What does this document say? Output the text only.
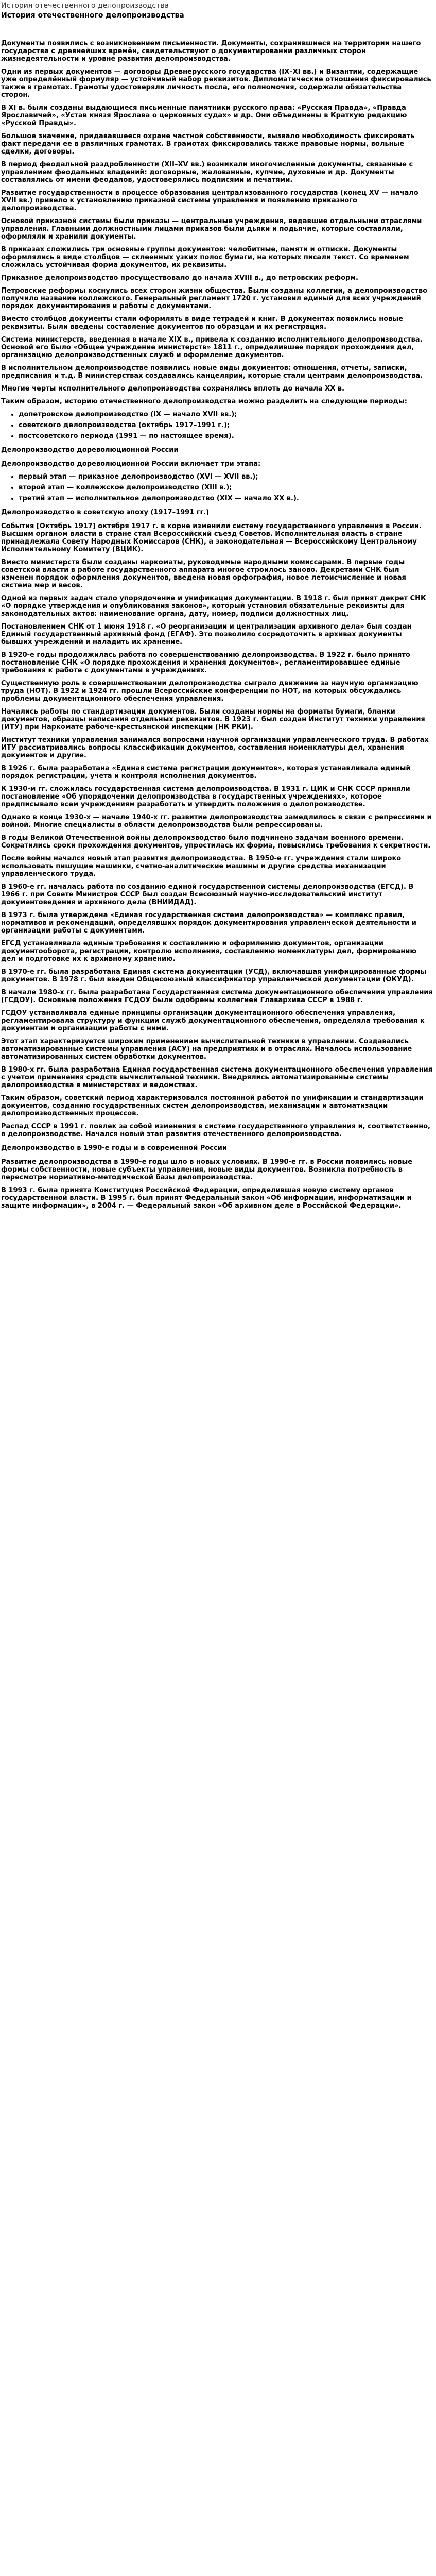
История отечественного делопроизводства
История отечественного делопроизводства

Документы появились с возникновением письменности. Документы, сохранившиеся на территории нашего государства с древнейших времён, свидетельствуют о документировании различных сторон жизнедеятельности и уровне развития делопроизводства.

Одни из первых документов — договоры Древнерусского государства (IX–XI вв.) и Византии, содержащие уже определённый формуляр — устойчивый набор реквизитов. Дипломатические отношения фиксировались также в грамотах. Грамоты удостоверяли личность посла, его полномочия, содержали обязательства сторон.

В XI в. были созданы выдающиеся письменные памятники русского права: «Русская Правда», «Правда Ярославичей», «Устав князя Ярослава о церковных судах» и др. Они объединены в Краткую редакцию «Русской Правды».

Большое значение, придававшееся охране частной собственности, вызвало необходимость фиксировать факт передачи ее в различных грамотах. В грамотах фиксировались также правовые нормы, вольные сделки, договоры.

В период феодальной раздробленности (XII–XV вв.) возникали многочисленные документы, связанные с управлением феодальных владений: договорные, жалованные, купчие, духовные и др. Документы составлялись от имени феодалов, удостоверялись подписями и печатями.

Развитие государственности в процессе образования централизованного государства (конец XV — начало XVII вв.) привело к установлению приказной системы управления и появлению приказного делопроизводства.

Основой приказной системы были приказы — центральные учреждения, ведавшие отдельными отраслями управления. Главными должностными лицами приказов были дьяки и подьячие, которые составляли, оформляли и хранили документы.

В приказах сложились три основные группы документов: челобитные, памяти и отписки. Документы оформлялись в виде столбцов — склеенных узких полос бумаги, на которых писали текст. Со временем сложилась устойчивая форма документов, их реквизиты.

Приказное делопроизводство просуществовало до начала XVIII в., до петровских реформ.

Петровские реформы коснулись всех сторон жизни общества. Были созданы коллегии, а делопроизводство получило название коллежского. Генеральный регламент 1720 г. установил единый для всех учреждений порядок документирования и работы с документами.

Вместо столбцов документы стали оформлять в виде тетрадей и книг. В документах появились новые реквизиты. Были введены составление документов по образцам и их регистрация.

Система министерств, введенная в начале XIX в., привела к созданию исполнительного делопроизводства. Основой его было «Общее учреждение министерств» 1811 г., определившее порядок прохождения дел, организацию делопроизводственных служб и оформление документов.

В исполнительном делопроизводстве появились новые виды документов: отношения, отчеты, записки, предписания и т.д. В министерствах создавались канцелярии, которые стали центрами делопроизводства.

Многие черты исполнительного делопроизводства сохранялись вплоть до начала XX в.

Таким образом, историю отечественного делопроизводства можно разделить на следующие периоды:

• допетровское делопроизводство (IX — начало XVII вв.);
• советского делопроизводства (октябрь 1917–1991 г.);
• постсоветского периода (1991 — по настоящее время).
Делопроизводство дореволюционной России

Делопроизводство дореволюционной России включает три этапа:

• первый этап — приказное делопроизводство (XVI — XVII вв.);
• второй этап — коллежское делопроизводство (XIII в.);
• третий этап — исполнительное делопроизводство (XIX — начало XX в.).
Делопроизводство в советскую эпоху (1917–1991 гг.)

События [Октябрь 1917] октября 1917 г. в корне изменили систему государственного управления в России. Высшим органом власти в стране стал Всероссийский съезд Советов. Исполнительная власть в стране принадлежала Совету Народных Комиссаров (СНК), а законодательная — Всероссийскому Центральному Исполнительному Комитету (ВЦИК).

Вместо министерств были созданы наркоматы, руководимые народными комиссарами. В первые годы советской власти в работе государственного аппарата многое строилось заново. Декретами СНК был изменен порядок оформления документов, введена новая орфография, новое летоисчисление и новая система мер и весов.

Одной из первых задач стало упорядочение и унификация документации. В 1918 г. был принят декрет СНК «О порядке утверждения и опубликования законов», который установил обязательные реквизиты для законодательных актов: наименование органа, дату, номер, подписи должностных лиц.

Постановлением СНК от 1 июня 1918 г. «О реорганизации и централизации архивного дела» был создан Единый государственный архивный фонд (ЕГАФ). Это позволило сосредоточить в архивах документы бывших учреждений и наладить их хранение.

В 1920-е годы продолжилась работа по совершенствованию делопроизводства. В 1922 г. было принято постановление СНК «О порядке прохождения и хранения документов», регламентировавшее единые требования к работе с документами в учреждениях.

Существенную роль в совершенствовании делопроизводства сыграло движение за научную организацию труда (НОТ). В 1922 и 1924 гг. прошли Всероссийские конференции по НОТ, на которых обсуждались проблемы документационного обеспечения управления.

Начались работы по стандартизации документов. Были созданы нормы на форматы бумаги, бланки документов, образцы написания отдельных реквизитов. В 1923 г. был создан Институт техники управления (ИТУ) при Наркомате рабоче-крестьянской инспекции (НК РКИ).

Институт техники управления занимался вопросами научной организации управленческого труда. В работах ИТУ рассматривались вопросы классификации документов, составления номенклатуры дел, хранения документов и другие.

В 1926 г. была разработана «Единая система регистрации документов», которая устанавливала единый порядок регистрации, учета и контроля исполнения документов.

К 1930-м гг. сложилась государственная система делопроизводства. В 1931 г. ЦИК и СНК СССР приняли постановление «Об упорядочении делопроизводства в государственных учреждениях», которое предписывало всем учреждениям разработать и утвердить положения о делопроизводстве.

Однако в конце 1930-х — начале 1940-х гг. развитие делопроизводства замедлилось в связи с репрессиями и войной. Многие специалисты в области делопроизводства были репрессированы.

В годы Великой Отечественной войны делопроизводство было подчинено задачам военного времени. Сократились сроки прохождения документов, упростилась их форма, повысились требования к секретности.

После войны начался новый этап развития делопроизводства. В 1950-е гг. учреждения стали широко использовать пишущие машинки, счетно-аналитические машины и другие средства механизации управленческого труда.

В 1960-е гг. началась работа по созданию единой государственной системы делопроизводства (ЕГСД). В 1966 г. при Совете Министров СССР был создан Всесоюзный научно-исследовательский институт документоведения и архивного дела (ВНИИДАД).

В 1973 г. была утверждена «Единая государственная система делопроизводства» — комплекс правил, нормативов и рекомендаций, определявших порядок документирования управленческой деятельности и организации работы с документами.

ЕГСД устанавливала единые требования к составлению и оформлению документов, организации документооборота, регистрации, контролю исполнения, составлению номенклатуры дел, формированию дел и подготовке их к архивному хранению.

В 1970-е гг. была разработана Единая система документации (УСД), включавшая унифицированные формы документов. В 1978 г. был введен Общесоюзный классификатор управленческой документации (ОКУД).

В начале 1980-х гг. была разработана Государственная система документационного обеспечения управления (ГСДОУ). Основные положения ГСДОУ были одобрены коллегией Главархива СССР в 1988 г.

ГСДОУ устанавливала единые принципы организации документационного обеспечения управления, регламентировала структуру и функции служб документационного обеспечения, определяла требования к документам и организации работы с ними.

Этот этап характеризуется широким применением вычислительной техники в управлении. Создавались автоматизированные системы управления (АСУ) на предприятиях и в отраслях. Началось использование автоматизированных систем обработки документов.

В 1980-х гг. была разработана Единая государственная система документационного обеспечения управления с учетом применения средств вычислительной техники. Внедрялись автоматизированные системы делопроизводства в министерствах и ведомствах.

Таким образом, советский период характеризовался постоянной работой по унификации и стандартизации документов, созданию государственных систем делопроизводства, механизации и автоматизации делопроизводственных процессов.

Распад СССР в 1991 г. повлек за собой изменения в системе государственного управления и, соответственно, в делопроизводстве. Начался новый этап развития отечественного делопроизводства.

Делопроизводство в 1990-е годы и в современной России

Развитие делопроизводства в 1990-е годы шло в новых условиях. В 1990-е гг. в России появились новые формы собственности, новые субъекты управления, новые виды документов. Возникла потребность в пересмотре нормативно-методической базы делопроизводства.

В 1993 г. была принята Конституция Российской Федерации, определившая новую систему органов государственной власти. В 1995 г. был принят Федеральный закон «Об информации, информатизации и защите информации», в 2004 г. — Федеральный закон «Об архивном деле в Российской Федерации».
